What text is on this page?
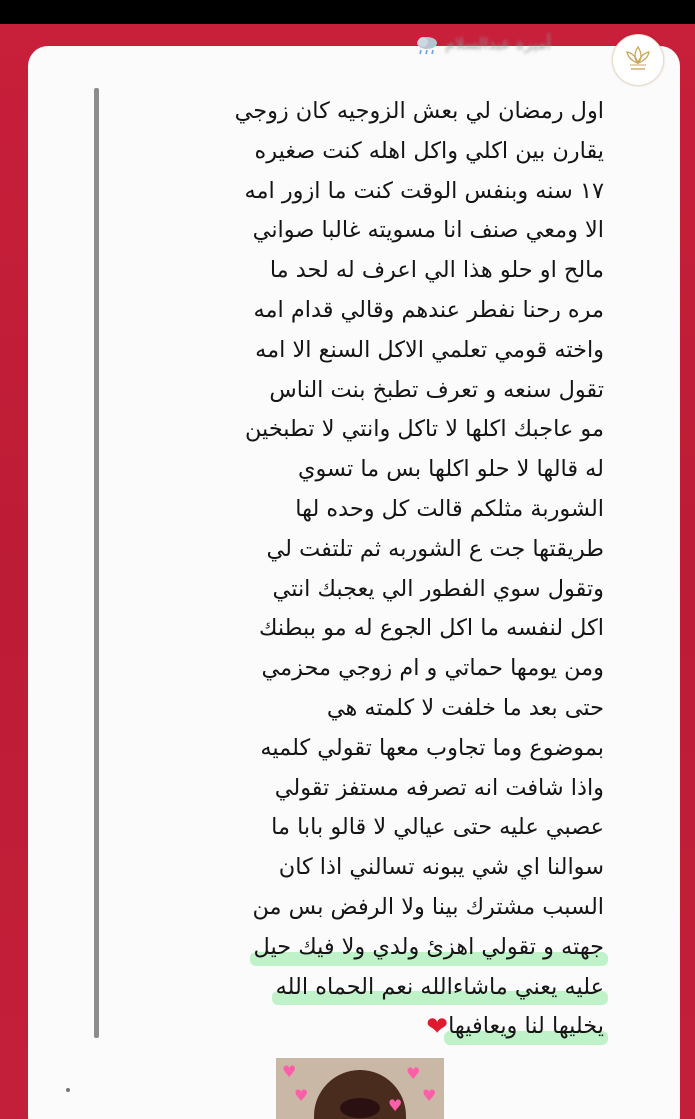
أميرة عبدالسلام
اول رمضان لي بعش الزوجيه كان زوجي
يقارن بين اكلي واكل اهله كنت صغيره
١٧ سنه وبنفس الوقت كنت ما ازور امه
الا ومعي صنف انا مسويته غالبا صواني
مالح او حلو هذا الي اعرف له لحد ما
مره رحنا نفطر عندهم وقالي قدام امه
واخته قومي تعلمي الاكل السنع الا امه
تقول سنعه و تعرف تطبخ بنت الناس
مو عاجبك اكلها لا تاكل وانتي لا تطبخين
له قالها لا حلو اكلها بس ما تسوي
الشوربة مثلكم قالت كل وحده لها
طريقتها جت ع الشوربه ثم تلتفت لي
وتقول سوي الفطور الي يعجبك انتي
اكل لنفسه ما اكل الجوع له مو ببطنك
ومن يومها حماتي و ام زوجي محزمي
حتى بعد ما خلفت لا كلمته هي
بموضوع وما تجاوب معها تقولي كلميه
واذا شافت انه تصرفه مستفز تقولي
عصبي عليه حتى عيالي لا قالو بابا ما
سوالنا اي شي يبونه تسالني اذا كان
السبب مشترك بينا ولا الرفض بس من
جهته و تقولي اهزئ ولدي ولا فيك حيل
عليه يعني ماشاءالله نعم الحماه الله
يخليها لنا ويعافيها❤
♥
♥
♥
♥
♥
